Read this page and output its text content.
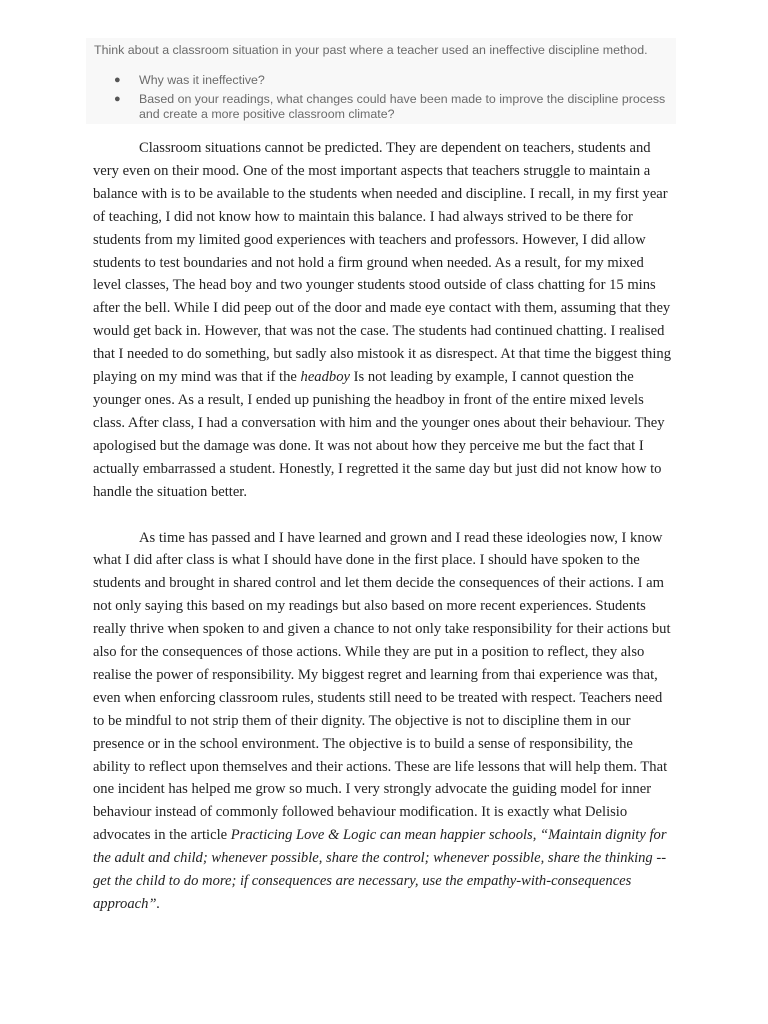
Think about a classroom situation in your past where a teacher used an ineffective discipline method.
● Why was it ineffective?
● Based on your readings, what changes could have been made to improve the discipline process and create a more positive classroom climate?

Classroom situations cannot be predicted. They are dependent on teachers, students and very even on their mood. One of the most important aspects that teachers struggle to maintain a balance with is to be available to the students when needed and discipline. I recall, in my first year of teaching, I did not know how to maintain this balance. I had always strived to be there for students from my limited good experiences with teachers and professors. However, I did allow students to test boundaries and not hold a firm ground when needed. As a result, for my mixed level classes, The head boy and two younger students stood outside of class chatting for 15 mins after the bell. While I did peep out of the door and made eye contact with them, assuming that they would get back in. However, that was not the case. The students had continued chatting. I realised that I needed to do something, but sadly also mistook it as disrespect. At that time the biggest thing playing on my mind was that if the headboy Is not leading by example, I cannot question the younger ones. As a result, I ended up punishing the headboy in front of the entire mixed levels class. After class, I had a conversation with him and the younger ones about their behaviour. They apologised but the damage was done. It was not about how they perceive me but the fact that I actually embarrassed a student. Honestly, I regretted it the same day but just did not know how to handle the situation better.

As time has passed and I have learned and grown and I read these ideologies now, I know what I did after class is what I should have done in the first place. I should have spoken to the students and brought in shared control and let them decide the consequences of their actions. I am not only saying this based on my readings but also based on more recent experiences. Students really thrive when spoken to and given a chance to not only take responsibility for their actions but also for the consequences of those actions. While they are put in a position to reflect, they also realise the power of responsibility. My biggest regret and learning from thai experience was that, even when enforcing classroom rules, students still need to be treated with respect. Teachers need to be mindful to not strip them of their dignity. The objective is not to discipline them in our presence or in the school environment. The objective is to build a sense of responsibility, the ability to reflect upon themselves and their actions. These are life lessons that will help them. That one incident has helped me grow so much. I very strongly advocate the guiding model for inner behaviour instead of commonly followed behaviour modification. It is exactly what Delisio advocates in the article Practicing Love & Logic can mean happier schools, “Maintain dignity for the adult and child; whenever possible, share the control; whenever possible, share the thinking -- get the child to do more; if consequences are necessary, use the empathy-with-consequences approach”.
